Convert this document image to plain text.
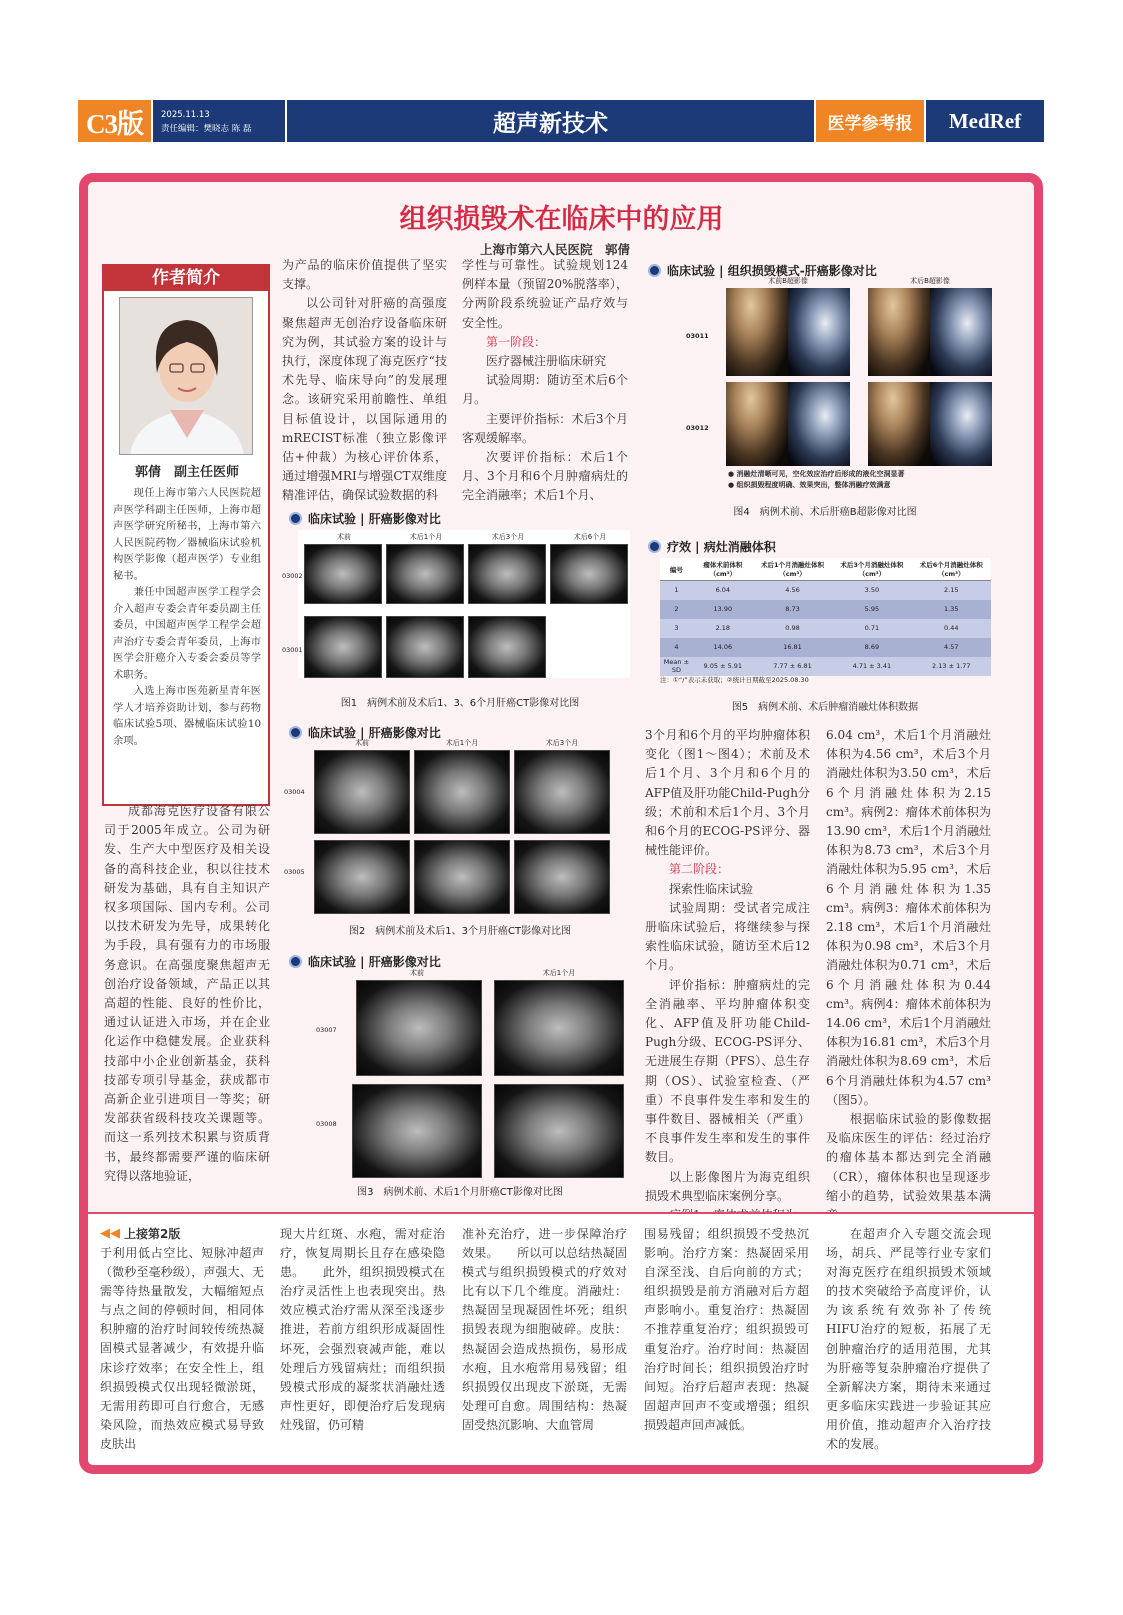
C3版	2025.11.13
责任编辑：樊晓志 陈 磊	超声新技术	医学参考报	MedRef
组织损毁术在临床中的应用
上海市第六人民医院　郭倩
作者简介
郭倩　副主任医师

现任上海市第六人民医院超声医学科副主任医师，上海市超声医学研究所秘书，上海市第六人民医院药物／器械临床试验机构医学影像（超声医学）专业组秘书。

兼任中国超声医学工程学会介入超声专委会青年委员副主任委员，中国超声医学工程学会超声治疗专委会青年委员，上海市医学会肝癌介入专委会委员等学术职务。

入选上海市医苑新星青年医学人才培养资助计划，参与药物临床试验5项、器械临床试验10余项。

成都海克医疗设备有限公司于2005年成立。公司为研发、生产大中型医疗及相关设备的高科技企业，积以往技术研发为基础，具有自主知识产权多项国际、国内专利。公司以技术研发为先导，成果转化为手段，具有强有力的市场服务意识。在高强度聚焦超声无创治疗设备领域，产品正以其高超的性能、良好的性价比，通过认证进入市场，并在企业化运作中稳健发展。企业获科技部中小企业创新基金，获科技部专项引导基金，获成都市高新企业引进项目一等奖；研发部获省级科技攻关课题等。而这一系列技术积累与资质背书，最终都需要严谨的临床研究得以落地验证，

为产品的临床价值提供了坚实支撑。

以公司针对肝癌的高强度聚焦超声无创治疗设备临床研究为例，其试验方案的设计与执行，深度体现了海克医疗“技术先导、临床导向”的发展理念。该研究采用前瞻性、单组目标值设计，以国际通用的mRECIST标准（独立影像评估+仲裁）为核心评价体系，通过增强MRI与增强CT双维度精准评估，确保试验数据的科

学性与可靠性。试验规划124例样本量（预留20%脱落率），分两阶段系统验证产品疗效与安全性。
第一阶段：
医疗器械注册临床研究
试验周期：随访至术后6个月。
主要评价指标：术后3个月客观缓解率。
次要评价指标：术后1个月、3个月和6个月肿瘤病灶的完全消融率；术后1个月、
临床试验 | 肝癌影像对比
术前	术后1个月	术后3个月	术后6个月
03002
03001
图1　病例术前及术后1、3、6个月肝癌CT影像对比图
临床试验 | 肝癌影像对比
术前	术后1个月	术后3个月
03004
03005
图2　病例术前及术后1、3个月肝癌CT影像对比图
临床试验 | 肝癌影像对比
术前	术后1个月
03007
03008
图3　病例术前、术后1个月肝癌CT影像对比图
临床试验 | 组织损毁模式-肝癌影像对比
术前B超影像	术后B超影像
03011
03012
● 消融灶清晰可见，空化效应治疗后形成的液化空洞显著
● 组织损毁程度明确、效果突出，整体消融疗效满意
图4　病例术前、术后肝癌B超影像对比图
疗效 | 病灶消融体积
编号	瘤体术前体积（cm³）	术后1个月消融灶体积（cm³）	术后3个月消融灶体积（cm³）	术后6个月消融灶体积（cm³）
1	6.04	4.56	3.50	2.15
2	13.90	8.73	5.95	1.35
3	2.18	0.98	0.71	0.44
4	14.06	16.81	8.69	4.57
Mean ± SD	9.05 ± 5.91	7.77 ± 6.81	4.71 ± 3.41	2.13 ± 1.77
注：①“/”表示未获取；②统计日期截至2025.08.30
图5　病例术前、术后肿瘤消融灶体积数据
3个月和6个月的平均肿瘤体积变化（图1～图4）；术前及术后1个月、3个月和6个月的AFP值及肝功能Child-Pugh分级；术前和术后1个月、3个月和6个月的ECOG-PS评分、器械性能评价。
第二阶段：
探索性临床试验
试验周期：受试者完成注册临床试验后，将继续参与探索性临床试验，随访至术后12个月。
评价指标：肿瘤病灶的完全消融率、平均肿瘤体积变化、AFP值及肝功能Child-Pugh分级、ECOG-PS评分、无进展生存期（PFS）、总生存期（OS）、试验室检查、（严重）不良事件发生率和发生的事件数目、器械相关（严重）不良事件发生率和发生的事件数目。
以上影像图片为海克组织损毁术典型临床案例分享。
6.04 cm³，术后1个月消融灶体积为4.56 cm³，术后3个月消融灶体积为3.50 cm³，术后6个月消融灶体积为2.15 cm³。病例2：瘤体术前体积为13.90 cm³，术后1个月消融灶体积为8.73 cm³，术后3个月消融灶体积为5.95 cm³，术后6个月消融灶体积为1.35 cm³。病例3：瘤体术前体积为2.18 cm³，术后1个月消融灶体积为0.98 cm³，术后3个月消融灶体积为0.71 cm³，术后6个月消融灶体积为0.44 cm³。病例4：瘤体术前体积为14.06 cm³，术后1个月消融灶体积为16.81 cm³，术后3个月消融灶体积为8.69 cm³，术后6个月消融灶体积为4.57 cm³（图5）。

根据临床试验的影像数据及临床医生的评估：经过治疗的瘤体基本都达到完全消融（CR），瘤体体积也呈现逐步缩小的趋势，试验效果基本满

◀◀ 上接第2版
于利用低占空比、短脉冲超声（微秒至毫秒级），声强大、无需等待热量散发，大幅缩短点与点之间的停顿时间，相同体积肿瘤的治疗时间较传统热凝固模式显著减少，有效提升临床诊疗效率；在安全性上，组织损毁模式仅出现轻微淤斑，无需用药即可自行愈合，无感染风险，而热效应模式易导致皮肤出
现大片红斑、水疱，需对症治疗，恢复周期长且存在感染隐患。　　此外，组织损毁模式在治疗灵活性上也表现突出。热效应模式治疗需从深至浅逐步推进，若前方组织形成凝固性坏死，会强烈衰减声能，难以处理后方残留病灶；而组织损毁模式形成的凝浆状消融灶透声性更好，即便治疗后发现病灶残留，仍可精
准补充治疗，进一步保障治疗效果。　　所以可以总结热凝固模式与组织损毁模式的疗效对比有以下几个维度。消融灶：热凝固呈现凝固性坏死；组织损毁表现为细胞破碎。皮肤：热凝固会造成热损伤，易形成水疱，且水疱常用易残留；组织损毁仅出现皮下淤斑，无需处理可自愈。周围结构：热凝固受热沉影响、大血管周
围易残留；组织损毁不受热沉影响。治疗方案：热凝固采用自深至浅、自后向前的方式；组织损毁是前方消融对后方超声影响小。重复治疗：热凝固不推荐重复治疗；组织损毁可重复治疗。治疗时间：热凝固治疗时间长；组织损毁治疗时间短。治疗后超声表现：热凝固超声回声不变或增强；组织损毁超声回声减低。
在超声介入专题交流会现场，胡兵、严昆等行业专家们对海克医疗在组织损毁术领域的技术突破给予高度评价，认为该系统有效弥补了传统HIFU治疗的短板，拓展了无创肿瘤治疗的适用范围，尤其为肝癌等复杂肿瘤治疗提供了全新解决方案，期待未来通过更多临床实践进一步验证其应用价值，推动超声介入治疗技术的发展。
